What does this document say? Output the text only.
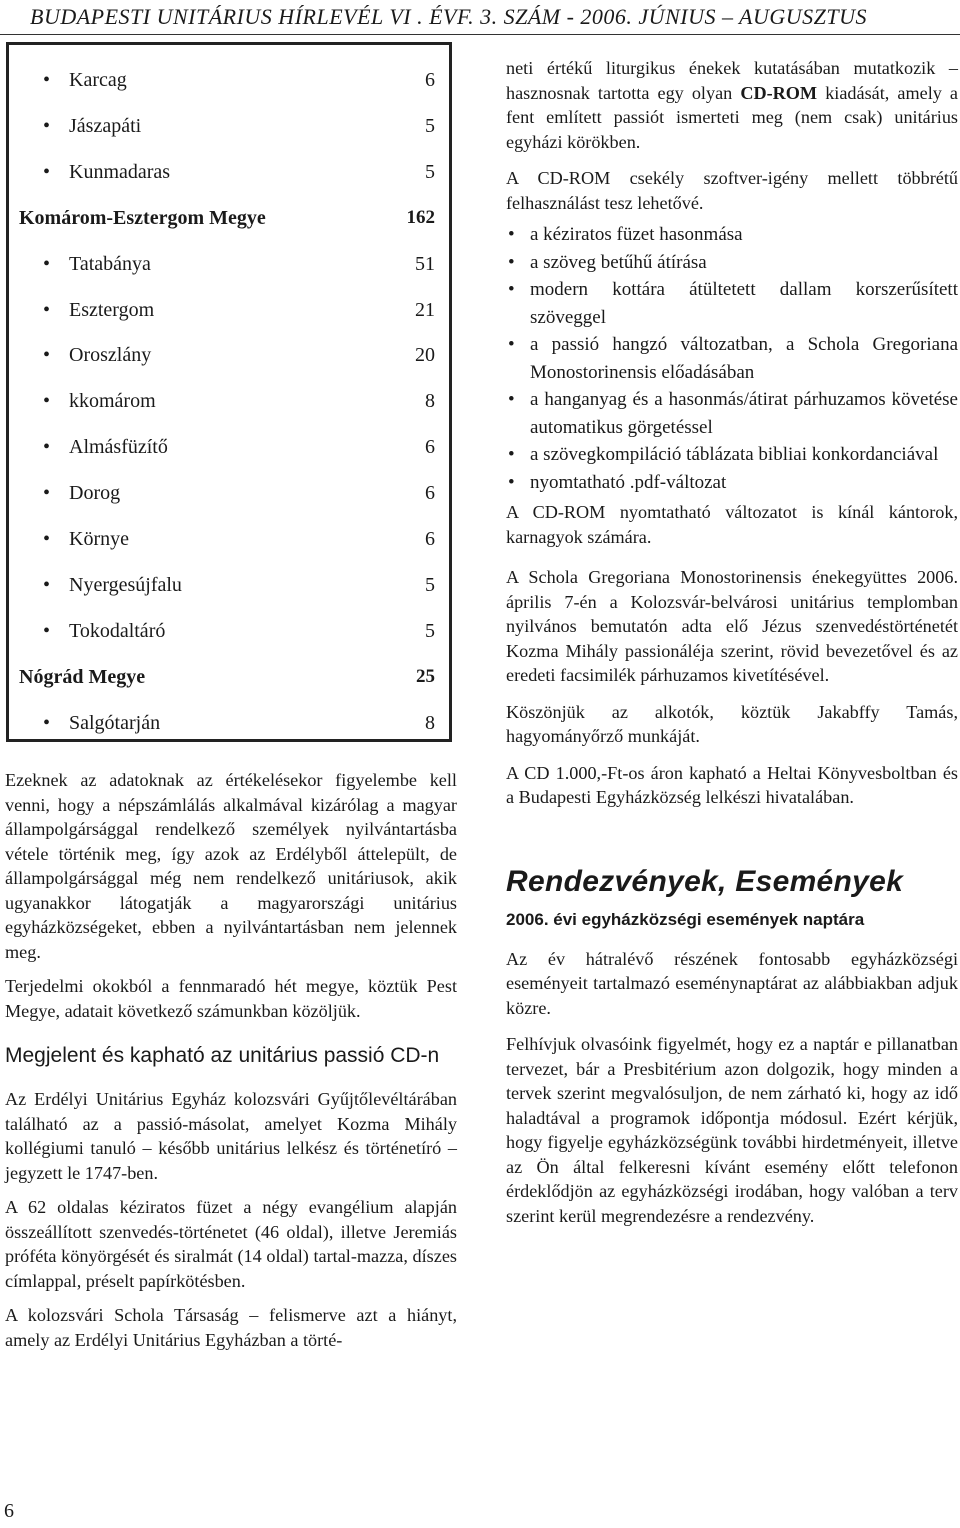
BUDAPESTI UNITÁRIUS HÍRLEVÉL VI . ÉVF. 3. SZÁM - 2006. JÚNIUS – AUGUSZTUS
• Karcag	6
• Jászapáti	5
• Kunmadaras	5
Komárom-Esztergom Megye	162
• Tatabánya	51
• Esztergom	21
• Oroszlány	20
• kkomárom	8
• Almásfüzítő	6
• Dorog	6
• Környe	6
• Nyergesújfalu	5
• Tokodaltáró	5
Nógrád Megye	25
• Salgótarján	8

Ezeknek az adatoknak az értékelésekor figyelembe kell venni, hogy a népszámlálás alkalmával kizárólag a magyar állampolgársággal rendelkező személyek nyilvántartásba vétele történik meg, így azok az Erdélyből áttelepült, de állampolgársággal még nem rendelkező unitáriusok, akik ugyanakkor látogatják a magyarországi unitárius egyházközségeket, ebben a nyilvántartásban nem jelennek meg.

Terjedelmi okokból a fennmaradó hét megye, köztük Pest Megye, adatait következő számunkban közöljük.

Megjelent és kapható az unitárius passió CD-n

Az Erdélyi Unitárius Egyház kolozsvári Gyűjtőlevéltárában található az a passió-másolat, amelyet Kozma Mihály kollégiumi tanuló – később unitárius lelkész és történetíró – jegyzett le 1747-ben.

A 62 oldalas kéziratos füzet a négy evangélium alapján összeállított szenvedés-történetet (46 oldal), illetve Jeremiás próféta könyörgését és siralmát (14 oldal) tartal-mazza, díszes címlappal, préselt papírkötésben.

A kolozsvári Schola Társaság – felismerve azt a hiányt, amely az Erdélyi Unitárius Egyházban a törté-

neti értékű liturgikus énekek kutatásában mutatkozik – hasznosnak tartotta egy olyan CD-ROM kiadását, amely a fent említett passiót ismerteti meg (nem csak) unitárius egyházi körökben.

A CD-ROM csekély szoftver-igény mellett többrétű felhasználást tesz lehetővé.

• a kéziratos füzet hasonmása
• a szöveg betűhű átírása
• modern kottára átültetett dallam korszerűsített szöveggel
• a passió hangzó változatban, a Schola Gregoriana Monostorinensis előadásában
• a hanganyag és a hasonmás/átirat párhuzamos követése automatikus görgetéssel
• a szövegkompiláció táblázata bibliai konkordanciával
• nyomtatható .pdf-változat

A CD-ROM nyomtatható változatot is kínál kántorok, karnagyok számára.

A Schola Gregoriana Monostorinensis énekegyüttes 2006. április 7-én a Kolozsvár-belvárosi unitárius templomban nyilvános bemutatón adta elő Jézus szenvedéstörténetét Kozma Mihály passionáléja szerint, rövid bevezetővel és az eredeti facsimilék párhuzamos kivetítésével.

Köszönjük az alkotók, köztük Jakabffy Tamás, hagyományőrző munkáját.

A CD 1.000,-Ft-os áron kapható a Heltai Könyvesboltban és a Budapesti Egyházközség lelkészi hivatalában.

Rendezvények, Események
2006. évi egyházközségi események naptára

Az év hátralévő részének fontosabb egyházközségi eseményeit tartalmazó eseménynaptárat az alábbiakban adjuk közre.

Felhívjuk olvasóink figyelmét, hogy ez a naptár e pillanatban tervezet, bár a Presbitérium azon dolgozik, hogy minden a tervek szerint megvalósuljon, de nem zárható ki, hogy az idő haladtával a programok időpontja módosul. Ezért kérjük, hogy figyelje egyházközségünk további hirdetményeit, illetve az Ön által felkeresni kívánt esemény előtt telefonon érdeklődjön az egyházközségi irodában, hogy valóban a terv szerint kerül megrendezésre a rendezvény.

6
